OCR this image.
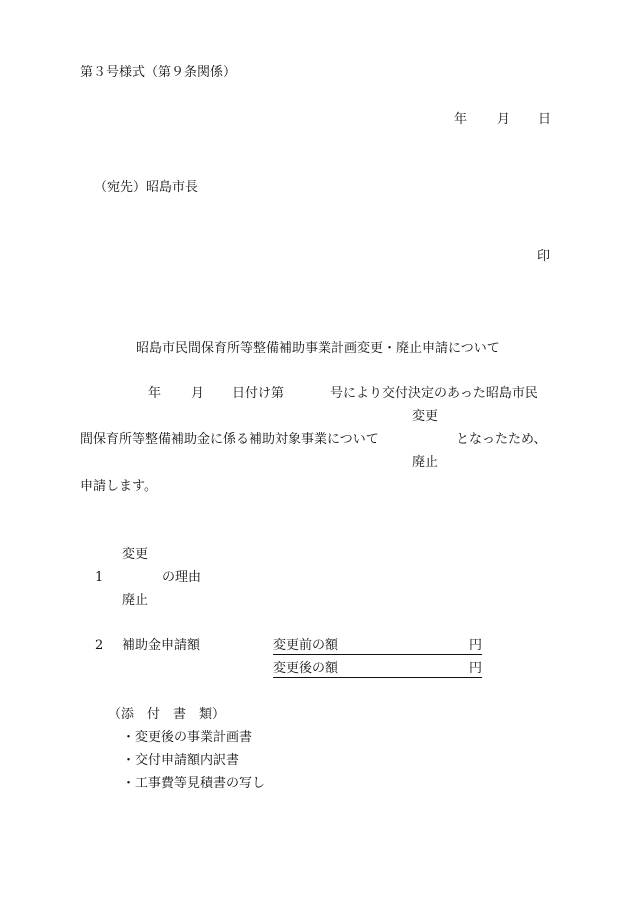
第３号様式（第９条関係）
年 月 日
（宛先）昭島市長
印
昭島市民間保育所等整備補助事業計画変更・廃止申請について
年 月 日付け第	号により交付決定のあった昭島市民
変更
間保育所等整備補助金に係る補助対象事業について	となったため、
廃止
申請します。
変更
1	の理由
廃止
2 補助金申請額	変更前の額	円
変更後の額	円
（添　付　書　類）
・変更後の事業計画書
・交付申請額内訳書
・工事費等見積書の写し
